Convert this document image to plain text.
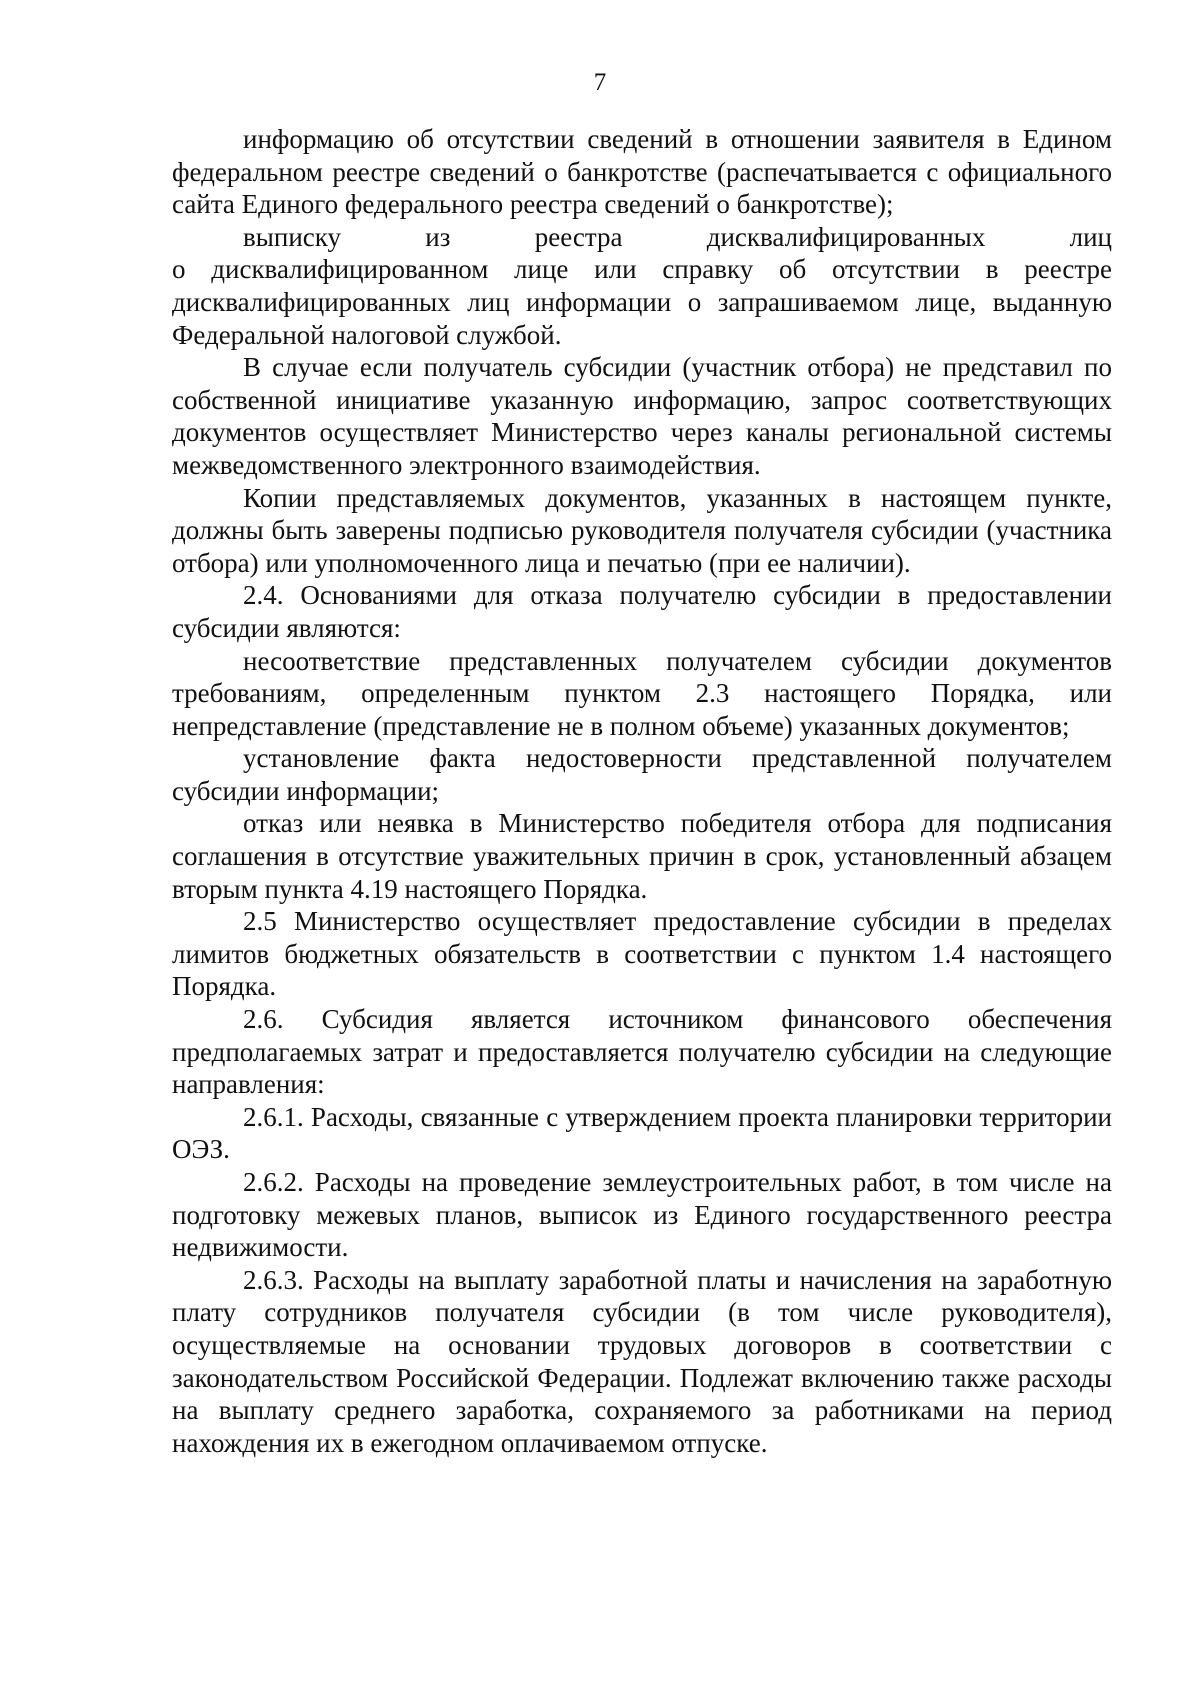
7

информацию об отсутствии сведений в отношении заявителя в Едином федеральном реестре сведений о банкротстве (распечатывается с официального сайта Единого федерального реестра сведений о банкротстве);

выписку из реестра дисквалифицированных лиц

о дисквалифицированном лице или справку об отсутствии в реестре дисквалифицированных лиц информации о запрашиваемом лице, выданную Федеральной налоговой службой.

В случае если получатель субсидии (участник отбора) не представил по собственной инициативе указанную информацию, запрос соответствующих документов осуществляет Министерство через каналы региональной системы межведомственного электронного взаимодействия.

Копии представляемых документов, указанных в настоящем пункте, должны быть заверены подписью руководителя получателя субсидии (участника отбора) или уполномоченного лица и печатью (при ее наличии).

2.4. Основаниями для отказа получателю субсидии в предоставлении субсидии являются:

несоответствие представленных получателем субсидии документов требованиям, определенным пунктом 2.3 настоящего Порядка, или непредставление (представление не в полном объеме) указанных документов;

установление факта недостоверности представленной получателем субсидии информации;

отказ или неявка в Министерство победителя отбора для подписания соглашения в отсутствие уважительных причин в срок, установленный абзацем вторым пункта 4.19 настоящего Порядка.

2.5 Министерство осуществляет предоставление субсидии в пределах лимитов бюджетных обязательств в соответствии с пунктом 1.4 настоящего Порядка.

2.6. Субсидия является источником финансового обеспечения предполагаемых затрат и предоставляется получателю субсидии на следующие направления:

2.6.1. Расходы, связанные с утверждением проекта планировки территории ОЭЗ.

2.6.2. Расходы на проведение землеустроительных работ, в том числе на подготовку межевых планов, выписок из Единого государственного реестра недвижимости.

2.6.3. Расходы на выплату заработной платы и начисления на заработную плату сотрудников получателя субсидии (в том числе руководителя), осуществляемые на основании трудовых договоров в соответствии с законодательством Российской Федерации. Подлежат включению также расходы на выплату среднего заработка, сохраняемого за работниками на период нахождения их в ежегодном оплачиваемом отпуске.
